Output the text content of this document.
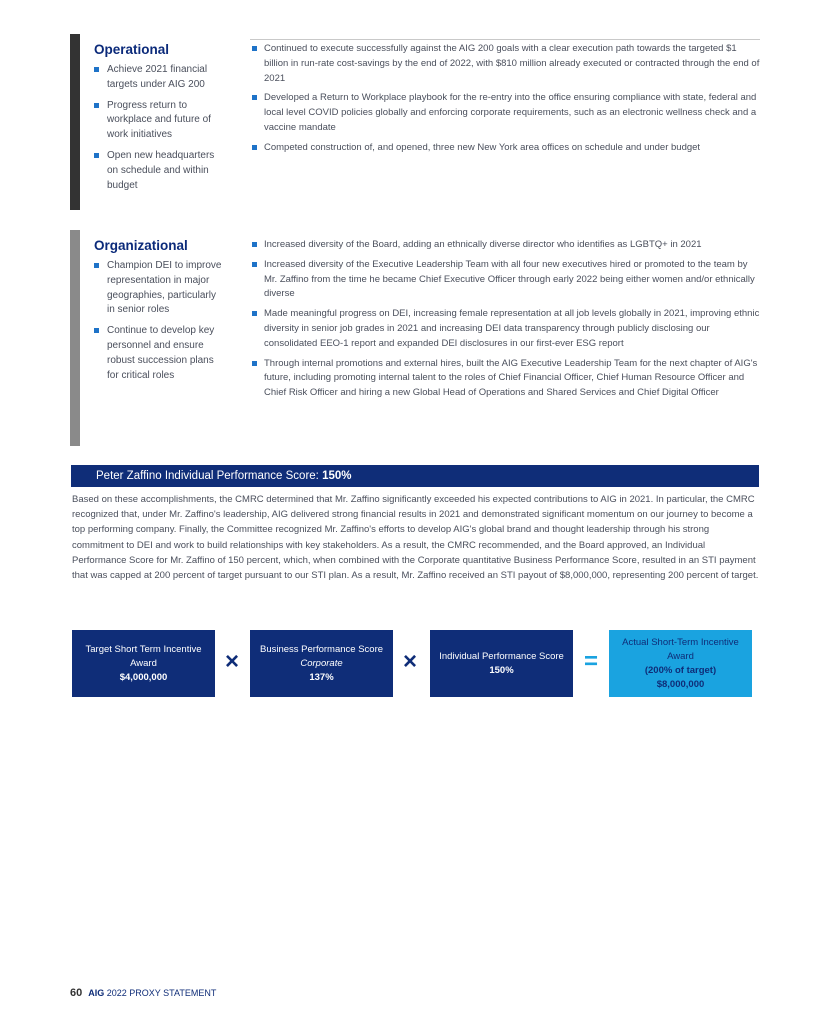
Operational
Achieve 2021 financial targets under AIG 200
Progress return to workplace and future of work initiatives
Open new headquarters on schedule and within budget
Continued to execute successfully against the AIG 200 goals with a clear execution path towards the targeted $1 billion in run-rate cost-savings by the end of 2022, with $810 million already executed or contracted through the end of 2021
Developed a Return to Workplace playbook for the re-entry into the office ensuring compliance with state, federal and local level COVID policies globally and enforcing corporate requirements, such as an electronic wellness check and a vaccine mandate
Competed construction of, and opened, three new New York area offices on schedule and under budget
Organizational
Champion DEI to improve representation in major geographies, particularly in senior roles
Continue to develop key personnel and ensure robust succession plans for critical roles
Increased diversity of the Board, adding an ethnically diverse director who identifies as LGBTQ+ in 2021
Increased diversity of the Executive Leadership Team with all four new executives hired or promoted to the team by Mr. Zaffino from the time he became Chief Executive Officer through early 2022 being either women and/or ethnically diverse
Made meaningful progress on DEI, increasing female representation at all job levels globally in 2021, improving ethnic diversity in senior job grades in 2021 and increasing DEI data transparency through publicly disclosing our consolidated EEO-1 report and expanded DEI disclosures in our first-ever ESG report
Through internal promotions and external hires, built the AIG Executive Leadership Team for the next chapter of AIG's future, including promoting internal talent to the roles of Chief Financial Officer, Chief Human Resource Officer and Chief Risk Officer and hiring a new Global Head of Operations and Shared Services and Chief Digital Officer
Peter Zaffino Individual Performance Score: 150%

Based on these accomplishments, the CMRC determined that Mr. Zaffino significantly exceeded his expected contributions to AIG in 2021. In particular, the CMRC recognized that, under Mr. Zaffino's leadership, AIG delivered strong financial results in 2021 and demonstrated significant momentum on our journey to become a top performing company. Finally, the Committee recognized Mr. Zaffino's efforts to develop AIG's global brand and thought leadership through his strong commitment to DEI and work to build relationships with key stakeholders. As a result, the CMRC recommended, and the Board approved, an Individual Performance Score for Mr. Zaffino of 150 percent, which, when combined with the Corporate quantitative Business Performance Score, resulted in an STI payment that was capped at 200 percent of target pursuant to our STI plan. As a result, Mr. Zaffino received an STI payout of $8,000,000, representing 200 percent of target.

Target Short Term Incentive Award
$4,000,000
×	Business Performance Score
Corporate
137%
×	Individual Performance Score
150%	=
Actual Short-Term Incentive Award
(200% of target)
$8,000,000
60 AIG 2022 PROXY STATEMENT
